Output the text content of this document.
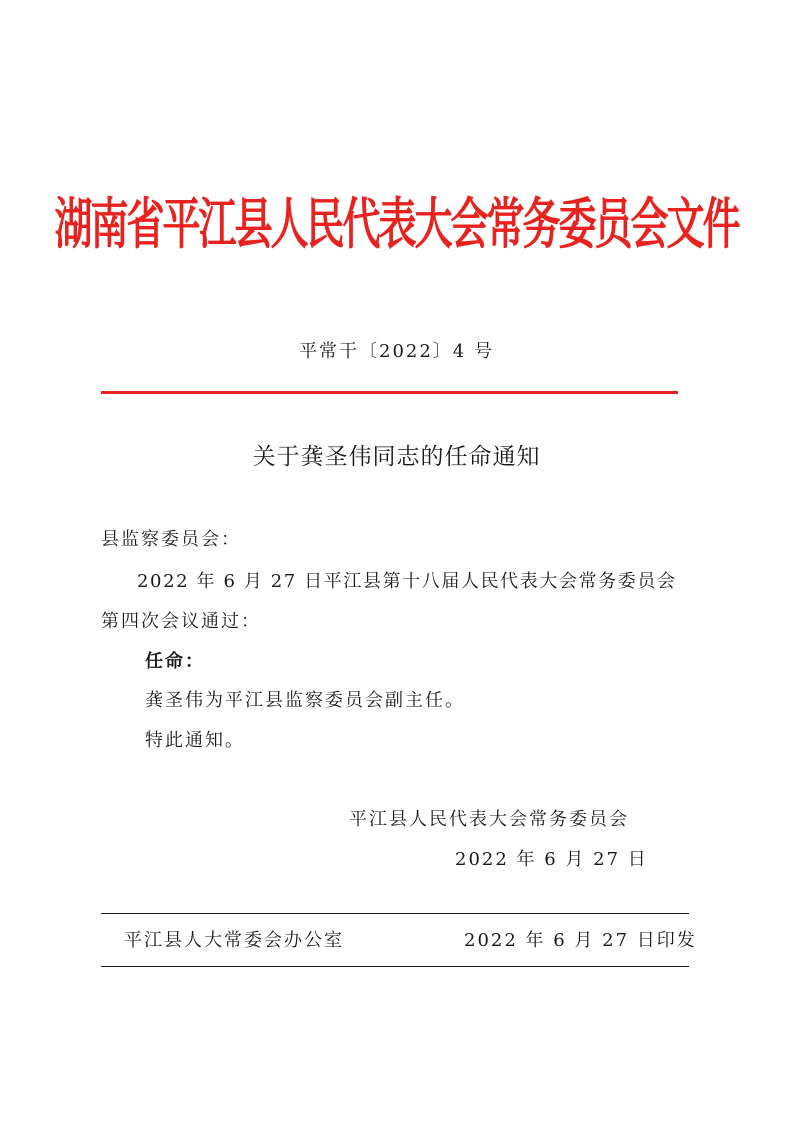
湖南省平江县人民代表大会常务委员会文件
平常干〔2022〕4 号
关于龚圣伟同志的任命通知
县监察委员会：
2022 年 6 月 27 日平江县第十八届人民代表大会常务委员会
第四次会议通过：
任命：
龚圣伟为平江县监察委员会副主任。
特此通知。
平江县人民代表大会常务委员会
2022 年 6 月 27 日
平江县人大常委会办公室	2022 年 6 月 27 日印发
